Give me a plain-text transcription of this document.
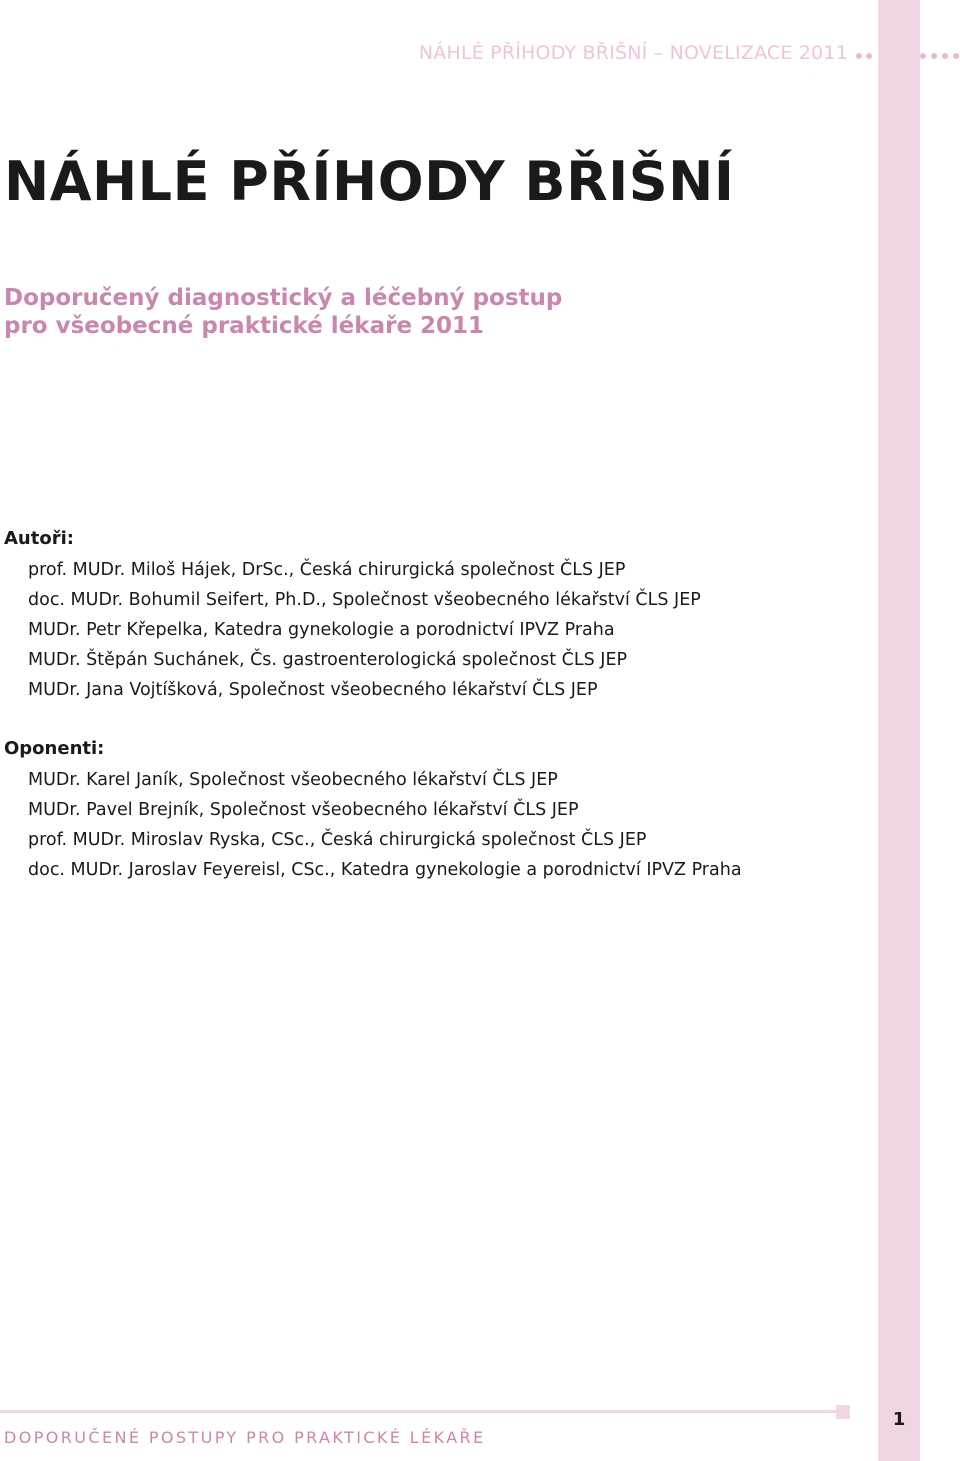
NÁHLÉ PŘÍHODY BŘIŠNÍ – NOVELIZACE 2011
NÁHLÉ PŘÍHODY BŘIŠNÍ
Doporučený diagnostický a léčebný postup
pro všeobecné praktické lékaře 2011
Autoři:
prof. MUDr. Miloš Hájek, DrSc., Česká chirurgická společnost ČLS JEP
doc. MUDr. Bohumil Seifert, Ph.D., Společnost všeobecného lékařství ČLS JEP
MUDr. Petr Křepelka, Katedra gynekologie a porodnictví IPVZ Praha
MUDr. Štěpán Suchánek, Čs. gastroenterologická společnost ČLS JEP
MUDr. Jana Vojtíšková, Společnost všeobecného lékařství ČLS JEP
Oponenti:
MUDr. Karel Janík, Společnost všeobecného lékařství ČLS JEP
MUDr. Pavel Brejník, Společnost všeobecného lékařství ČLS JEP
prof. MUDr. Miroslav Ryska, CSc., Česká chirurgická společnost ČLS JEP
doc. MUDr. Jaroslav Feyereisl, CSc., Katedra gynekologie a porodnictví IPVZ Praha
DOPORUČENÉ POSTUPY PRO PRAKTICKÉ LÉKAŘE
1
